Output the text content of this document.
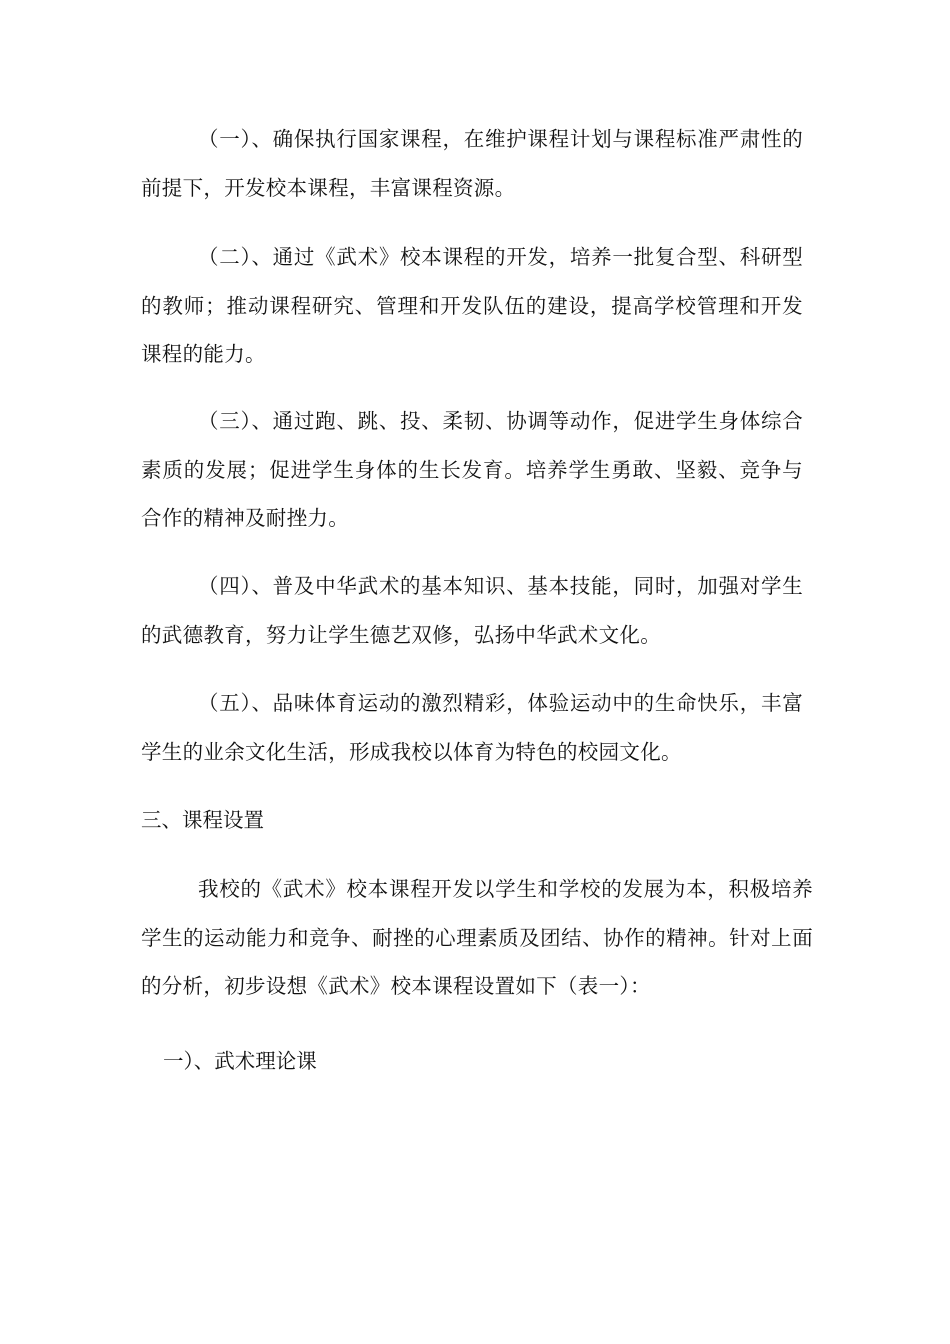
（一）、确保执行国家课程，在维护课程计划与课程标准严肃性的前提下，开发校本课程，丰富课程资源。

（二）、通过《武术》校本课程的开发，培养一批复合型、科研型的教师；推动课程研究、管理和开发队伍的建设，提高学校管理和开发课程的能力。

（三）、通过跑、跳、投、柔韧、协调等动作，促进学生身体综合素质的发展；促进学生身体的生长发育。培养学生勇敢、坚毅、竞争与合作的精神及耐挫力。

（四）、普及中华武术的基本知识、基本技能，同时，加强对学生的武德教育，努力让学生德艺双修，弘扬中华武术文化。

（五）、品味体育运动的激烈精彩，体验运动中的生命快乐，丰富学生的业余文化生活，形成我校以体育为特色的校园文化。

三、课程设置

我校的《武术》校本课程开发以学生和学校的发展为本，积极培养学生的运动能力和竞争、耐挫的心理素质及团结、协作的精神。针对上面的分析，初步设想《武术》校本课程设置如下（表一）：

一）、武术理论课
